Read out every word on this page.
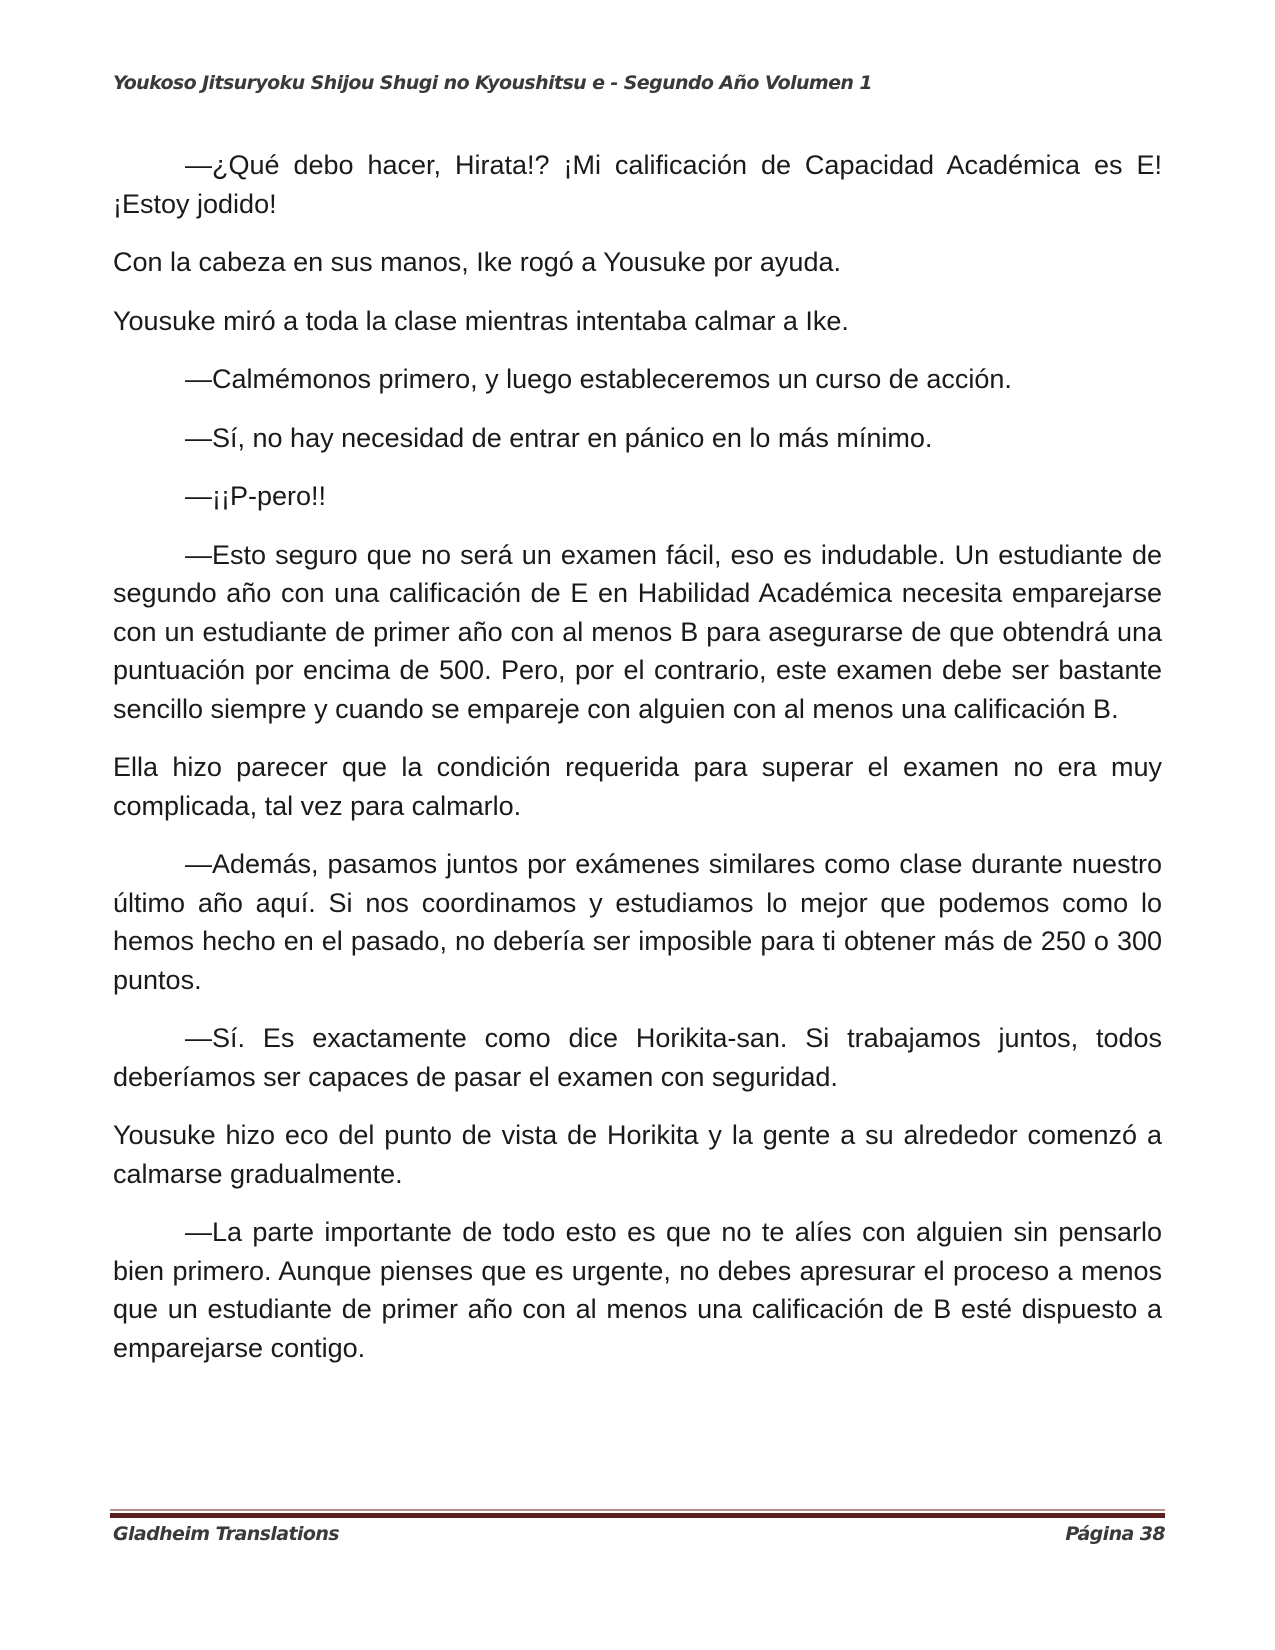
Youkoso Jitsuryoku Shijou Shugi no Kyoushitsu e - Segundo Año Volumen 1

—¿Qué debo hacer, Hirata!? ¡Mi calificación de Capacidad Académica es E! ¡Estoy jodido!

Con la cabeza en sus manos, Ike rogó a Yousuke por ayuda.

Yousuke miró a toda la clase mientras intentaba calmar a Ike.

—Calmémonos primero, y luego estableceremos un curso de acción.

—Sí, no hay necesidad de entrar en pánico en lo más mínimo.

—¡¡P-pero!!

—Esto seguro que no será un examen fácil, eso es indudable. Un estudiante de segundo año con una calificación de E en Habilidad Académica necesita emparejarse con un estudiante de primer año con al menos B para asegurarse de que obtendrá una puntuación por encima de 500. Pero, por el contrario, este examen debe ser bastante sencillo siempre y cuando se empareje con alguien con al menos una calificación B.

Ella hizo parecer que la condición requerida para superar el examen no era muy complicada, tal vez para calmarlo.

—Además, pasamos juntos por exámenes similares como clase durante nuestro último año aquí. Si nos coordinamos y estudiamos lo mejor que podemos como lo hemos hecho en el pasado, no debería ser imposible para ti obtener más de 250 o 300 puntos.

—Sí. Es exactamente como dice Horikita-san. Si trabajamos juntos, todos deberíamos ser capaces de pasar el examen con seguridad.

Yousuke hizo eco del punto de vista de Horikita y la gente a su alrededor comenzó a calmarse gradualmente.

—La parte importante de todo esto es que no te alíes con alguien sin pensarlo bien primero. Aunque pienses que es urgente, no debes apresurar el proceso a menos que un estudiante de primer año con al menos una calificación de B esté dispuesto a emparejarse contigo.

Gladheim Translations	Página 38
